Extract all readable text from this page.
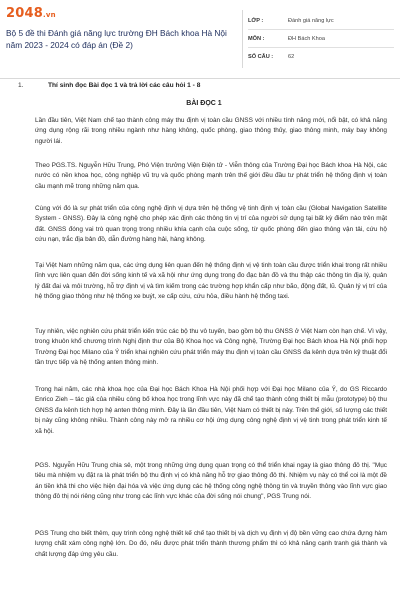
2048.vn
Bộ 5 đề thi Đánh giá năng lực trường ĐH Bách khoa Hà Nội năm 2023 - 2024 có đáp án (Đề 2)
LỚP :	Đánh giá năng lực
MÔN :	ĐH Bách Khoa
SỐ CÂU :	62
1.	Thí sinh đọc Bài đọc 1 và trả lời các câu hỏi 1 - 8
BÀI ĐỌC 1

Lần đầu tiên, Việt Nam chế tạo thành công máy thu định vị toàn cầu GNSS với nhiều tính năng mới, nổi bật, có khả năng ứng dụng rộng rãi trong nhiều ngành như hàng không, quốc phòng, giao thông thủy, giao thông minh, máy bay không người lái.

Theo PGS.TS. Nguyễn Hữu Trung, Phó Viện trưởng Viện Điện tử - Viễn thông của Trường Đại học Bách khoa Hà Nội, các nước có nền khoa học, công nghiệp vũ trụ và quốc phòng mạnh trên thế giới đều đầu tư phát triển hệ thống định vị toàn cầu mạnh mẽ trong những năm qua.

Cùng với đó là sự phát triển của công nghệ định vị dựa trên hệ thống vệ tinh định vị toàn cầu (Global Navigation Satellite System - GNSS). Đây là công nghệ cho phép xác định các thông tin vị trí của người sử dụng tại bất kỳ điểm nào trên mặt đất. GNSS đóng vai trò quan trọng trong nhiều khía cạnh của cuộc sống, từ quốc phòng đến giao thông vận tải, cứu hộ cứu nạn, trắc địa bản đồ, dẫn đường hàng hải, hàng không.

Tại Việt Nam những năm qua, các ứng dụng liên quan đến hệ thống định vị vệ tinh toàn cầu được triển khai trong rất nhiều lĩnh vực liên quan đến đời sống kinh tế và xã hội như ứng dụng trong đo đạc bản đồ và thu thập các thông tin địa lý, quản lý đất đai và môi trường, hỗ trợ định vị và tìm kiếm trong các trường hợp khẩn cấp như bão, động đất, lũ. Quản lý vị trí của hệ thống giao thông như hệ thống xe buýt, xe cấp cứu, cứu hỏa, điều hành hệ thống taxi.

Tuy nhiên, việc nghiên cứu phát triển kiến trúc các bộ thu vô tuyến, bao gồm bộ thu GNSS ở Việt Nam còn hạn chế. Vì vậy, trong khuôn khổ chương trình Nghị định thư của Bộ Khoa học và Công nghệ, Trường Đại học Bách khoa Hà Nội phối hợp Trường Đại học Milano của Ý triển khai nghiên cứu phát triển máy thu định vị toàn cầu GNSS đa kênh dựa trên kỹ thuật đổi tần trực tiếp và hệ thống anten thông minh.

Trong hai năm, các nhà khoa học của Đại học Bách Khoa Hà Nội phối hợp với Đại học Milano của Ý, do GS Riccardo Enrico Zieh – tác giả của nhiều công bố khoa học trong lĩnh vực này đã chế tạo thành công thiết bị mẫu (prototype) bộ thu GNSS đa kênh tích hợp hệ anten thông minh. Đây là lần đầu tiên, Việt Nam có thiết bị này. Trên thế giới, số lượng các thiết bị này cũng không nhiều. Thành công này mở ra nhiều cơ hội ứng dụng công nghệ định vị vệ tinh trong phát triển kinh tế xã hội.

PGS. Nguyễn Hữu Trung chia sẻ, một trong những ứng dụng quan trọng có thể triển khai ngay là giao thông đô thị. "Mục tiêu mà nhiệm vụ đặt ra là phát triển bộ thu định vị có khả năng hỗ trợ giao thông đô thị. Nhiệm vụ này có thể coi là một đề án tiền khả thi cho việc hiện đại hóa và việc ứng dụng các hệ thống công nghệ thông tin và truyền thông vào lĩnh vực giao thông đô thị nói riêng cũng như trong các lĩnh vực khác của đời sống nói chung", PGS Trung nói.

PGS Trung cho biết thêm, quy trình công nghệ thiết kế chế tạo thiết bị và dịch vụ định vị độ bền vững cao chứa đựng hàm lượng chất xám công nghệ lớn. Do đó, nếu được phát triển thành thương phẩm thì có khả năng cạnh tranh giá thành và chất lượng đáp ứng yêu cầu.
